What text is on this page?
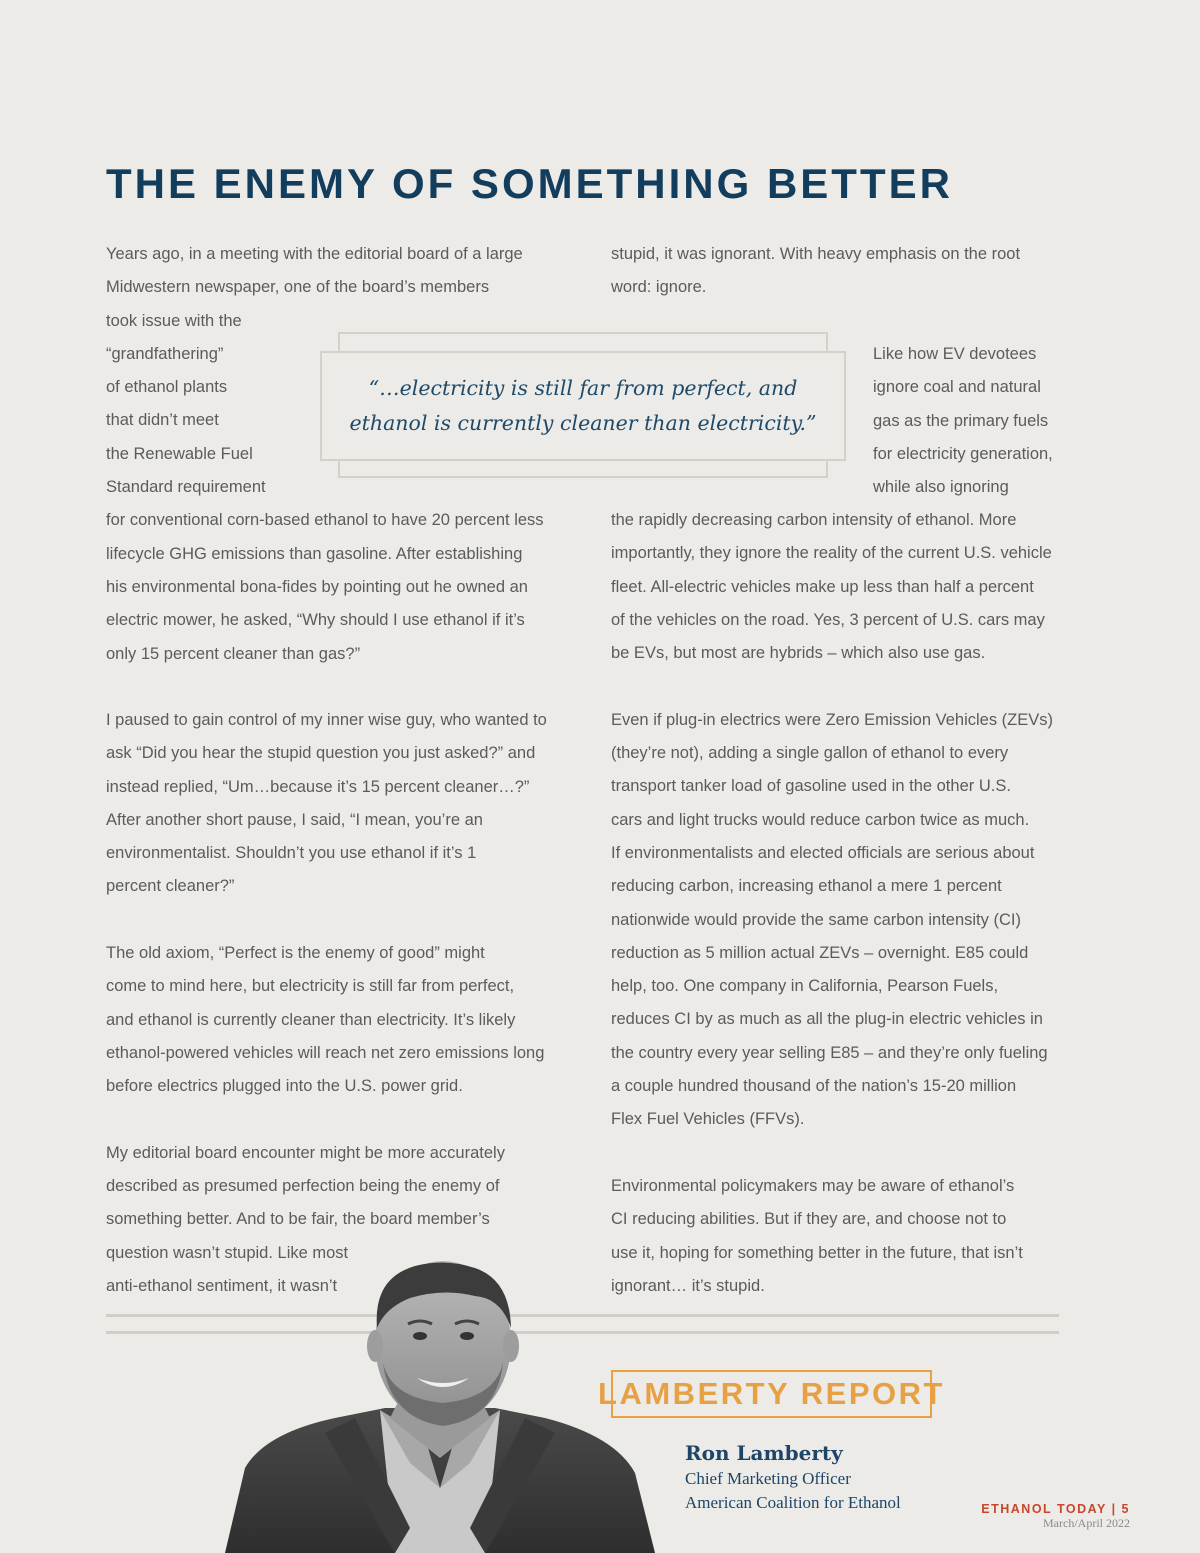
THE ENEMY OF SOMETHING BETTER
Years ago, in a meeting with the editorial board of a large
Midwestern newspaper, one of the board’s members
took issue with the
“grandfathering”
of ethanol plants
that didn’t meet
the Renewable Fuel
Standard requirement
for conventional corn-based ethanol to have 20 percent less
lifecycle GHG emissions than gasoline. After establishing
his environmental bona-fides by pointing out he owned an
electric mower, he asked, “Why should I use ethanol if it’s
only 15 percent cleaner than gas?”

I paused to gain control of my inner wise guy, who wanted to
ask “Did you hear the stupid question you just asked?” and
instead replied, “Um…because it’s 15 percent cleaner…?”
After another short pause, I said, “I mean, you’re an
environmentalist. Shouldn’t you use ethanol if it’s 1
percent cleaner?”

The old axiom, “Perfect is the enemy of good” might
come to mind here, but electricity is still far from perfect,
and ethanol is currently cleaner than electricity. It’s likely
ethanol-powered vehicles will reach net zero emissions long
before electrics plugged into the U.S. power grid.

My editorial board encounter might be more accurately
described as presumed perfection being the enemy of
something better. And to be fair, the board member’s
question wasn’t stupid. Like most
anti-ethanol sentiment, it wasn’t

stupid, it was ignorant. With heavy emphasis on the root
word: ignore.
Like how EV devotees
ignore coal and natural
gas as the primary fuels
for electricity generation,
while also ignoring

the rapidly decreasing carbon intensity of ethanol. More
importantly, they ignore the reality of the current U.S. vehicle
fleet. All-electric vehicles make up less than half a percent
of the vehicles on the road. Yes, 3 percent of U.S. cars may
be EVs, but most are hybrids – which also use gas.

Even if plug-in electrics were Zero Emission Vehicles (ZEVs)
(they’re not), adding a single gallon of ethanol to every
transport tanker load of gasoline used in the other U.S.
cars and light trucks would reduce carbon twice as much.
If environmentalists and elected officials are serious about
reducing carbon, increasing ethanol a mere 1 percent
nationwide would provide the same carbon intensity (CI)
reduction as 5 million actual ZEVs – overnight. E85 could
help, too. One company in California, Pearson Fuels,
reduces CI by as much as all the plug-in electric vehicles in
the country every year selling E85 – and they’re only fueling
a couple hundred thousand of the nation’s 15-20 million
Flex Fuel Vehicles (FFVs).

Environmental policymakers may be aware of ethanol’s
CI reducing abilities. But if they are, and choose not to
use it, hoping for something better in the future, that isn’t
ignorant… it’s stupid.

“…electricity is still far from perfect, and
ethanol is currently cleaner than electricity.”
LAMBERTY REPORT
Ron Lamberty
Chief Marketing Officer
American Coalition for Ethanol	ETHANOL TODAY | 5
March/April 2022
